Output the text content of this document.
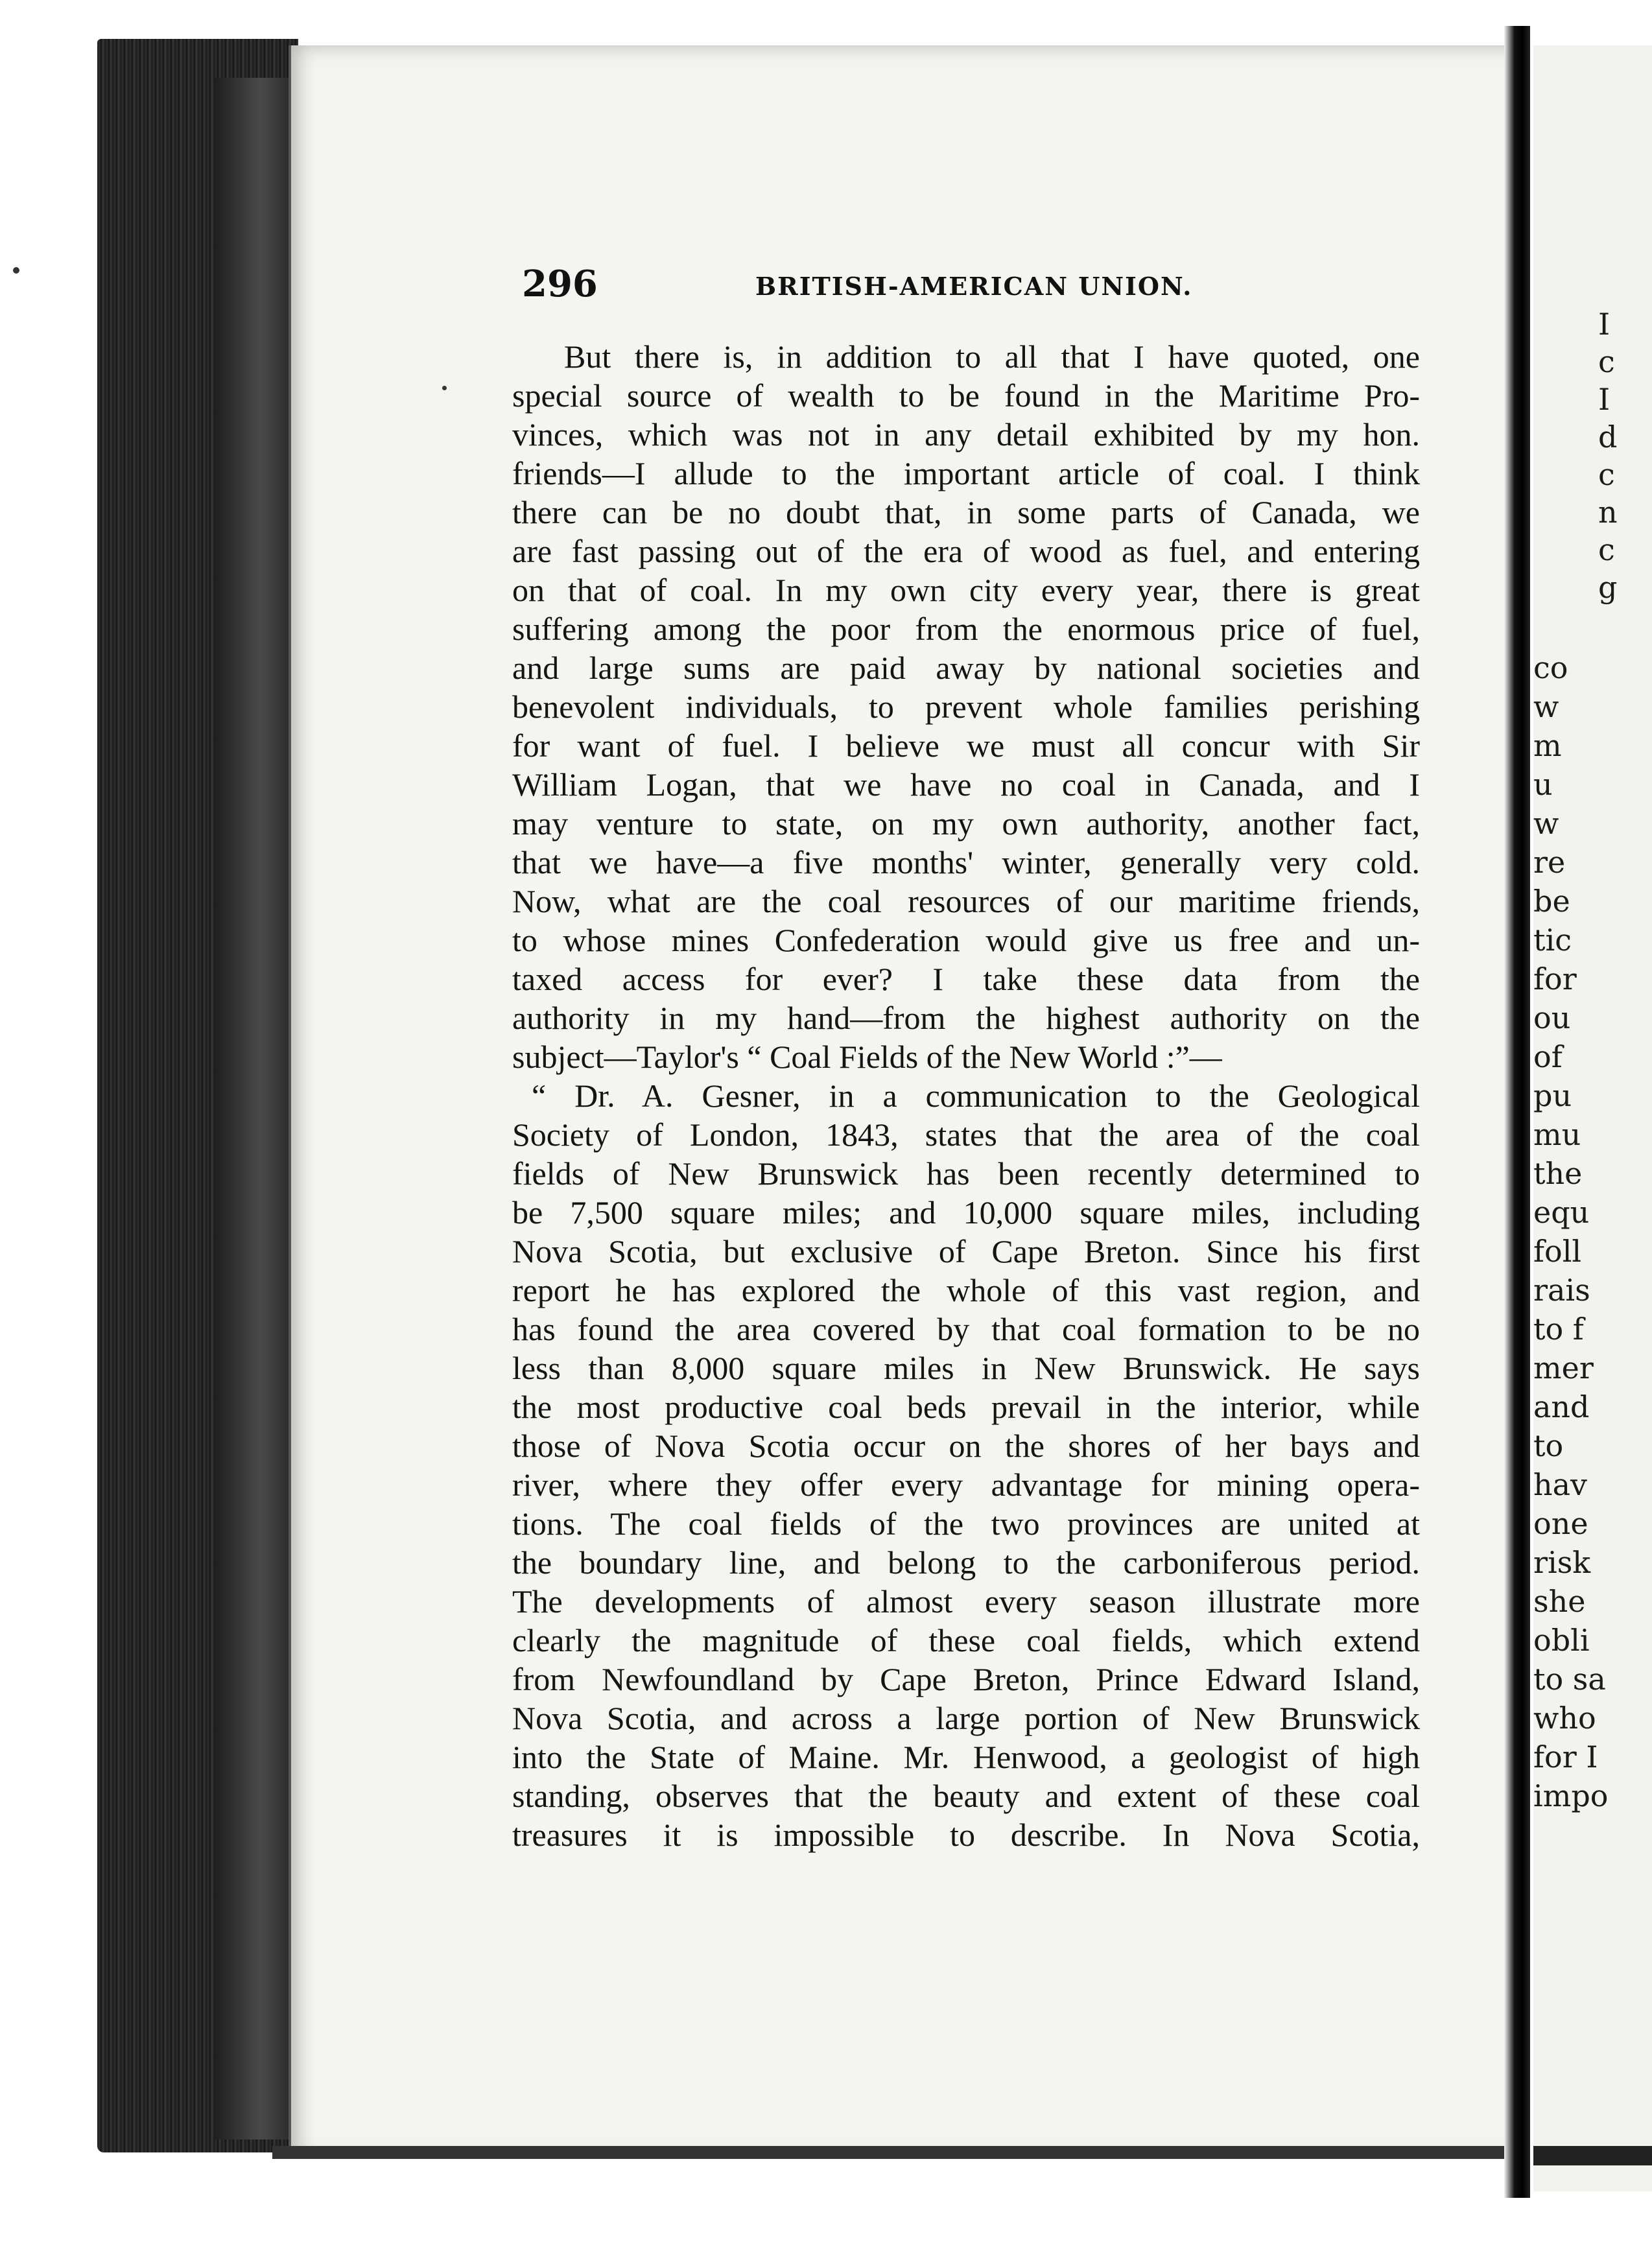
I
c
I
d
c
n
c
g
co
w
m
u
w
re
be
tic
for
ou
of
pu
mu
the
equ
foll
rais
to f
mer
and
to
hav
one
risk
she
obli
to sa
who
for I
impo
296	BRITISH-AMERICAN UNION.
But there is, in addition to all that I have quoted, one
special source of wealth to be found in the Maritime Pro-
vinces, which was not in any detail exhibited by my hon.
friends—I allude to the important article of coal. I think
there can be no doubt that, in some parts of Canada, we
are fast passing out of the era of wood as fuel, and entering
on that of coal. In my own city every year, there is great
suffering among the poor from the enormous price of fuel,
and large sums are paid away by national societies and
benevolent individuals, to prevent whole families perishing
for want of fuel. I believe we must all concur with Sir
William Logan, that we have no coal in Canada, and I
may venture to state, on my own authority, another fact,
that we have—a five months' winter, generally very cold.
Now, what are the coal resources of our maritime friends,
to whose mines Confederation would give us free and un-
taxed access for ever? I take these data from the
authority in my hand—from the highest authority on the
subject—Taylor's “ Coal Fields of the New World :”—
“ Dr. A. Gesner, in a communication to the Geological
Society of London, 1843, states that the area of the coal
fields of New Brunswick has been recently determined to
be 7,500 square miles; and 10,000 square miles, including
Nova Scotia, but exclusive of Cape Breton. Since his first
report he has explored the whole of this vast region, and
has found the area covered by that coal formation to be no
less than 8,000 square miles in New Brunswick. He says
the most productive coal beds prevail in the interior, while
those of Nova Scotia occur on the shores of her bays and
river, where they offer every advantage for mining opera-
tions. The coal fields of the two provinces are united at
the boundary line, and belong to the carboniferous period.
The developments of almost every season illustrate more
clearly the magnitude of these coal fields, which extend
from Newfoundland by Cape Breton, Prince Edward Island,
Nova Scotia, and across a large portion of New Brunswick
into the State of Maine. Mr. Henwood, a geologist of high
standing, observes that the beauty and extent of these coal
treasures it is impossible to describe. In Nova Scotia,
